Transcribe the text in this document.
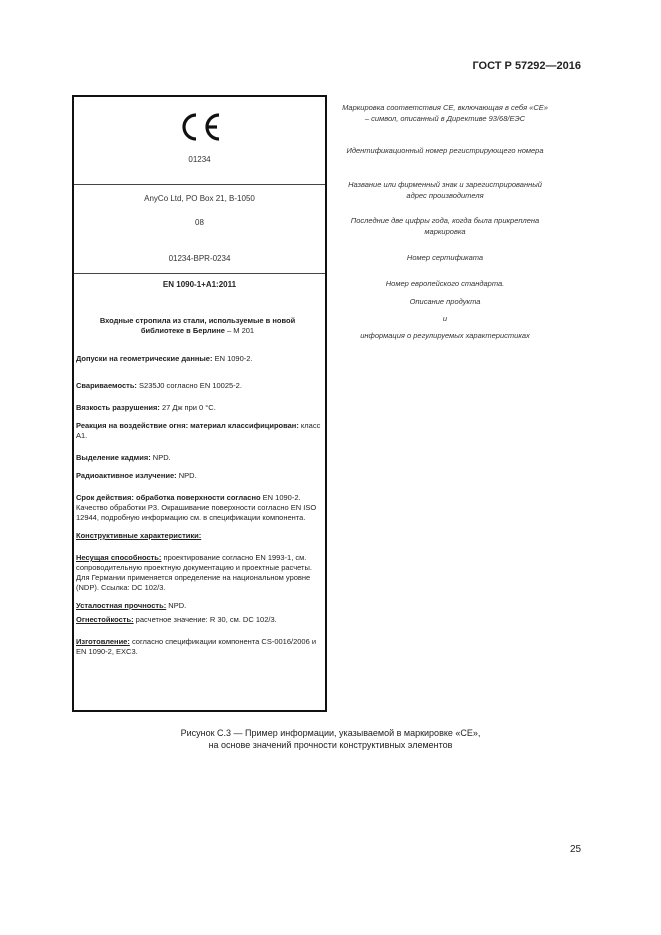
ГОСТ Р 57292—2016
01234
AnyCo Ltd, PO Box 21, B-1050
08
01234-BPR-0234
EN 1090-1+A1:2011
Входные стропила из стали, используемые в новой библиотеке в Берлине – М 201
Допуски на геометрические данные: EN 1090-2.
Свариваемость: S235J0 согласно EN 10025-2.
Вязкость разрушения: 27 Дж при 0 °С.
Реакция на воздействие огня: материал классифицирован: класс А1.
Выделение кадмия: NPD.
Радиоактивное излучение: NPD.
Срок действия: обработка поверхности согласно EN 1090-2. Качество обработки Р3. Окрашивание поверхности согласно EN ISO 12944, подробную информацию см. в спецификации компонента.
Конструктивные характеристики:
Несущая способность: проектирование согласно EN 1993-1, см. сопроводительную проектную документацию и проектные расчеты. Для Германии применяется определение на национальном уровне (NDP). Ссылка: DC 102/3.
Усталостная прочность: NPD.
Огнестойкость: расчетное значение: R 30, см. DC 102/3.
Изготовление: согласно спецификации компонента CS-0016/2006 и EN 1090-2, EXC3.
Маркировка соответствия СЕ, включающая в себя «СЕ» – символ, описанный в Директиве 93/68/ЕЭС
Идентификационный номер регистрирующего номера
Название или фирменный знак и зарегистрированный адрес производителя
Последние две цифры года, когда была прикреплена маркировка
Номер сертификата
Номер европейского стандарта.
Описание продукта
и
информация о регулируемых характеристиках
Рисунок С.3 — Пример информации, указываемой в маркировке «СЕ»,
на основе значений прочности конструктивных элементов
25
